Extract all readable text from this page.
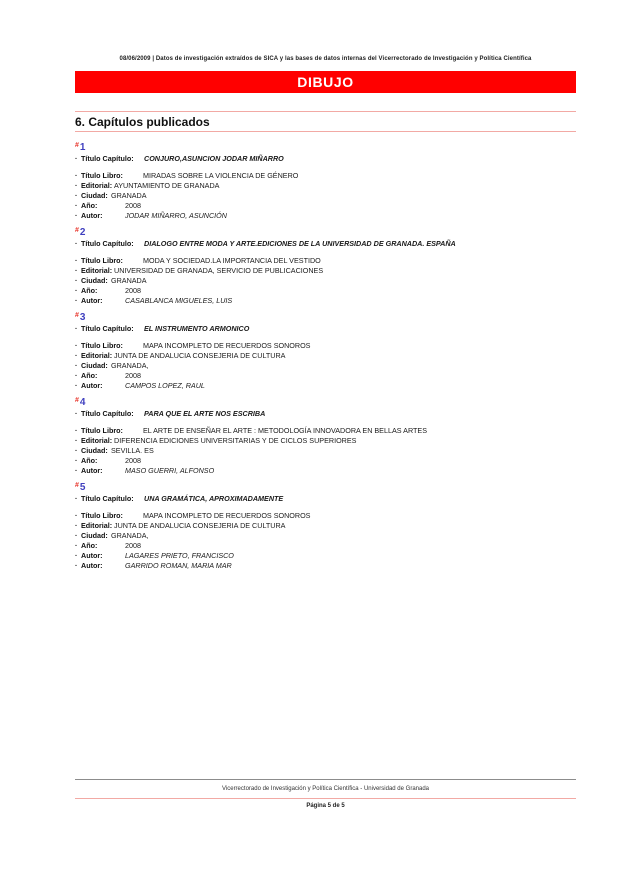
08/06/2009 | Datos de investigación extraídos de SICA y las bases de datos internas del Vicerrectorado de Investigación y Política Científica
DIBUJO
6. Capítulos publicados
#1
· Título Capítulo:	CONJURO,ASUNCION JODAR MIÑARRO
· Título Libro:	MIRADAS SOBRE LA VIOLENCIA DE GÉNERO
· Editorial: AYUNTAMIENTO DE GRANADA
· Ciudad: GRANADA
· Año:	2008
· Autor:	JODAR MIÑARRO, ASUNCIÓN
#2
· Título Capítulo:	DIALOGO ENTRE MODA Y ARTE.EDICIONES DE LA UNIVERSIDAD DE GRANADA. ESPAÑA
· Título Libro:	MODA Y SOCIEDAD.LA IMPORTANCIA DEL VESTIDO
· Editorial: UNIVERSIDAD DE GRANADA, SERVICIO DE PUBLICACIONES
· Ciudad: GRANADA
· Año:	2008
· Autor:	CASABLANCA MIGUELES, LUIS
#3
· Título Capítulo:	EL INSTRUMENTO ARMONICO
· Título Libro:	MAPA INCOMPLETO DE RECUERDOS SONOROS
· Editorial: JUNTA DE ANDALUCIA CONSEJERIA DE CULTURA
· Ciudad: GRANADA,
· Año:	2008
· Autor:	CAMPOS LOPEZ, RAUL
#4
· Título Capítulo:	PARA QUE EL ARTE NOS ESCRIBA
· Título Libro:	EL ARTE DE ENSEÑAR EL ARTE : METODOLOGÍA INNOVADORA EN BELLAS ARTES
· Editorial: DIFERENCIA EDICIONES UNIVERSITARIAS Y DE CICLOS SUPERIORES
· Ciudad: SEVILLA. ES
· Año:	2008
· Autor:	MASO GUERRI, ALFONSO
#5
· Título Capítulo:	UNA GRAMÁTICA, APROXIMADAMENTE
· Título Libro:	MAPA INCOMPLETO DE RECUERDOS SONOROS
· Editorial: JUNTA DE ANDALUCIA CONSEJERIA DE CULTURA
· Ciudad: GRANADA,
· Año:	2008
· Autor:	LAGARES PRIETO, FRANCISCO
· Autor:	GARRIDO ROMAN, MARIA MAR
Vicerrectorado de Investigación y Política Científica - Universidad de Granada
Página 5 de 5
